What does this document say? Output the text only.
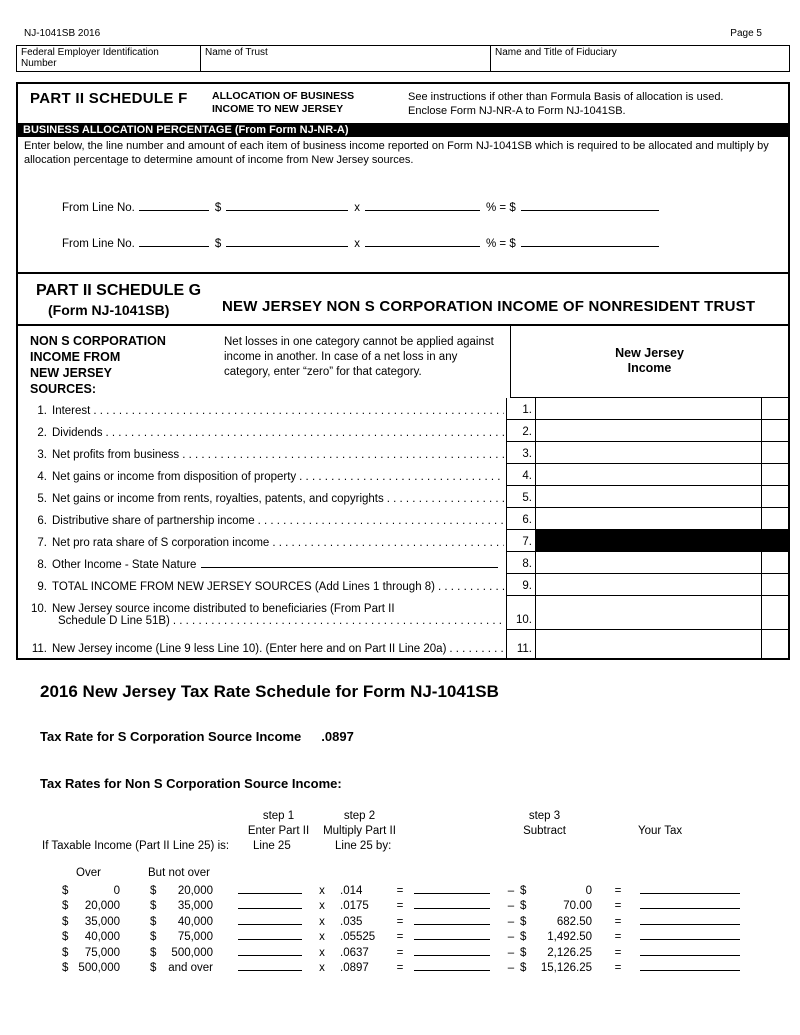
NJ-1041SB 2016	Page 5
Federal Employer Identification Number
Name of Trust	Name and Title of Fiduciary
PART II SCHEDULE F	ALLOCATION OF BUSINESS
INCOME TO NEW JERSEY
See instructions if other than Formula Basis of allocation is used.
Enclose Form NJ-NR-A to Form NJ-1041SB.
BUSINESS ALLOCATION PERCENTAGE (From Form NJ-NR-A)
Enter below, the line number and amount of each item of business income reported on Form NJ-1041SB which is required to be allocated and multiply by allocation percentage to determine amount of income from New Jersey sources.
From Line No.	$	x	% = $
From Line No.	$	x	% = $
PART II SCHEDULE G
(Form NJ-1041SB)	NEW JERSEY NON S CORPORATION INCOME OF NONRESIDENT TRUST
NON S CORPORATION
INCOME FROM
NEW JERSEY
SOURCES:
Net losses in one category cannot be applied against income in another. In case of a net loss in any category, enter “zero” for that category.
New Jersey
Income
1. Interest . . .	1.
2. Dividends . . .	2.
3. Net profits from business . . .	3.
4. Net gains or income from disposition of property . . .	4.
5. Net gains or income from rents, royalties, patents, and copyrights . . .	5.
6. Distributive share of partnership income . . .	6.
7. Net pro rata share of S corporation income . . .	7.
8. Other Income - State Nature	8.
9. TOTAL INCOME FROM NEW JERSEY SOURCES (Add Lines 1 through 8) . . .	9.
10. New Jersey source income distributed to beneficiaries (From Part II
Schedule D Line 51B) . . .	10.
11. New Jersey income (Line 9 less Line 10). (Enter here and on Part II Line 20a) . . .	11.
2016 New Jersey Tax Rate Schedule for Form NJ-1041SB
Tax Rate for S Corporation Source Income .0897
Tax Rates for Non S Corporation Source Income:
step 1
Enter Part II
If Taxable Income (Part II Line 25) is: Line 25
step 2
Multiply Part II
Line 25 by:
step 3
Subtract	Your Tax
Over	But not over
$	0	$	20,000	x	.014	=	– $	0	=
$	20,000	$	35,000	x	.0175	=	– $	70.00	=
$	35,000	$	40,000	x	.035	=	– $	682.50	=
$	40,000	$	75,000	x	.05525	=	– $	1,492.50	=
$	75,000	$	500,000	x	.0637	=	– $	2,126.25	=
$ 500,000	$	and over	x	.0897	=	– $	15,126.25	=
